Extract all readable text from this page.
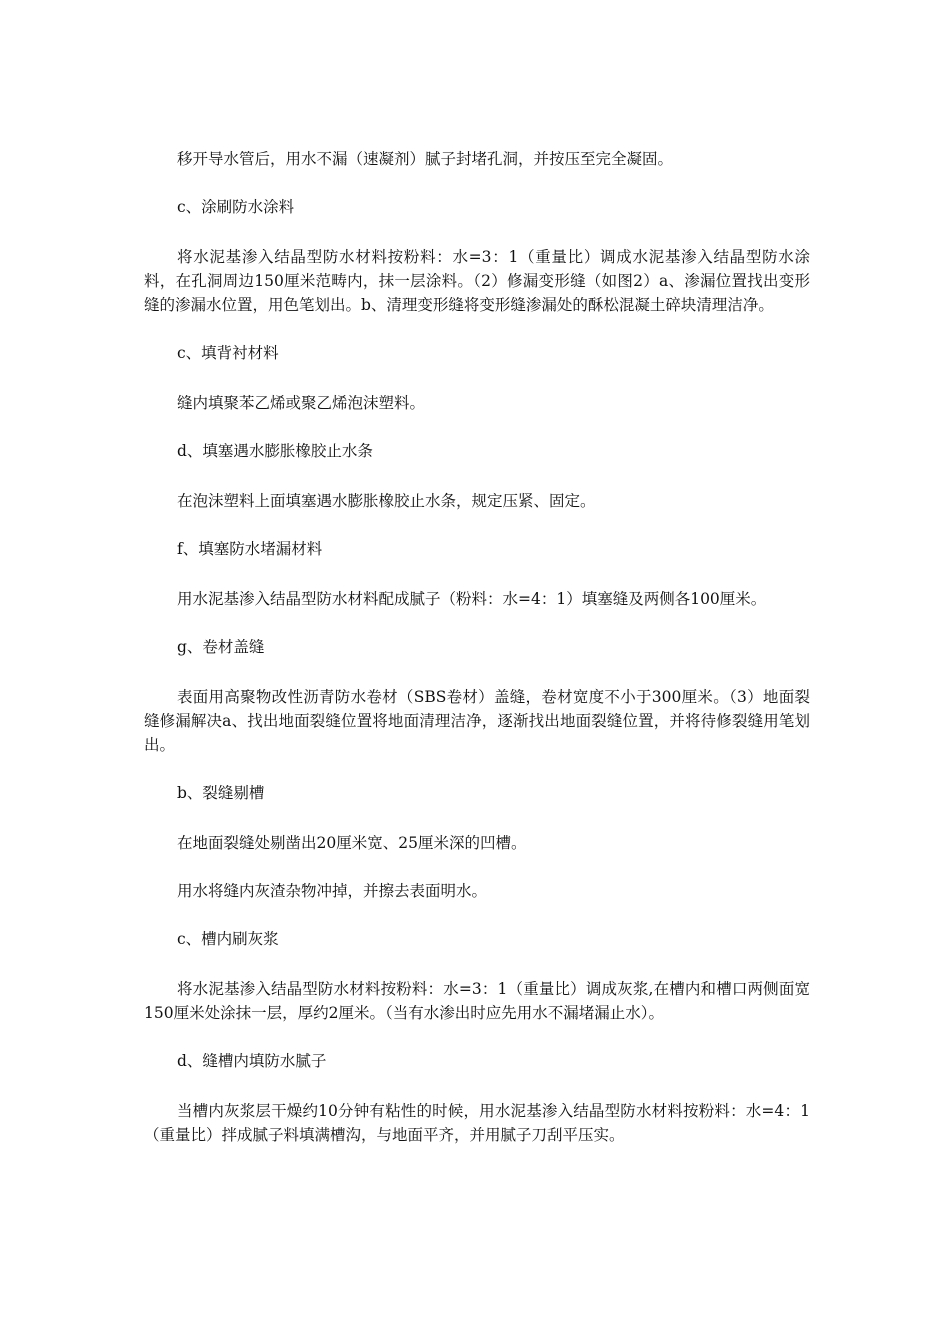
移开导水管后，用水不漏（速凝剂）腻子封堵孔洞，并按压至完全凝固。

c、涂刷防水涂料

将水泥基渗入结晶型防水材料按粉料：水=3：1（重量比）调成水泥基渗入结晶型防水涂料，在孔洞周边150厘米范畴内，抹一层涂料。（2）修漏变形缝（如图2）a、渗漏位置找出变形缝的渗漏水位置，用色笔划出。b、清理变形缝将变形缝渗漏处的酥松混凝土碎块清理洁净。

c、填背衬材料

缝内填聚苯乙烯或聚乙烯泡沫塑料。

d、填塞遇水膨胀橡胶止水条

在泡沫塑料上面填塞遇水膨胀橡胶止水条，规定压紧、固定。

f、填塞防水堵漏材料

用水泥基渗入结晶型防水材料配成腻子（粉料：水=4：1）填塞缝及两侧各100厘米。

g、卷材盖缝

表面用高聚物改性沥青防水卷材（SBS卷材）盖缝，卷材宽度不小于300厘米。（3）地面裂缝修漏解决a、找出地面裂缝位置将地面清理洁净，逐渐找出地面裂缝位置，并将待修裂缝用笔划出。

b、裂缝剔槽

在地面裂缝处剔凿出20厘米宽、25厘米深的凹槽。

用水将缝内灰渣杂物冲掉，并擦去表面明水。

c、槽内刷灰浆

将水泥基渗入结晶型防水材料按粉料：水=3：1（重量比）调成灰浆,在槽内和槽口两侧面宽150厘米处涂抹一层，厚约2厘米。（当有水渗出时应先用水不漏堵漏止水）。

d、缝槽内填防水腻子

当槽内灰浆层干燥约10分钟有粘性的时候，用水泥基渗入结晶型防水材料按粉料：水=4：1（重量比）拌成腻子料填满槽沟，与地面平齐，并用腻子刀刮平压实。
